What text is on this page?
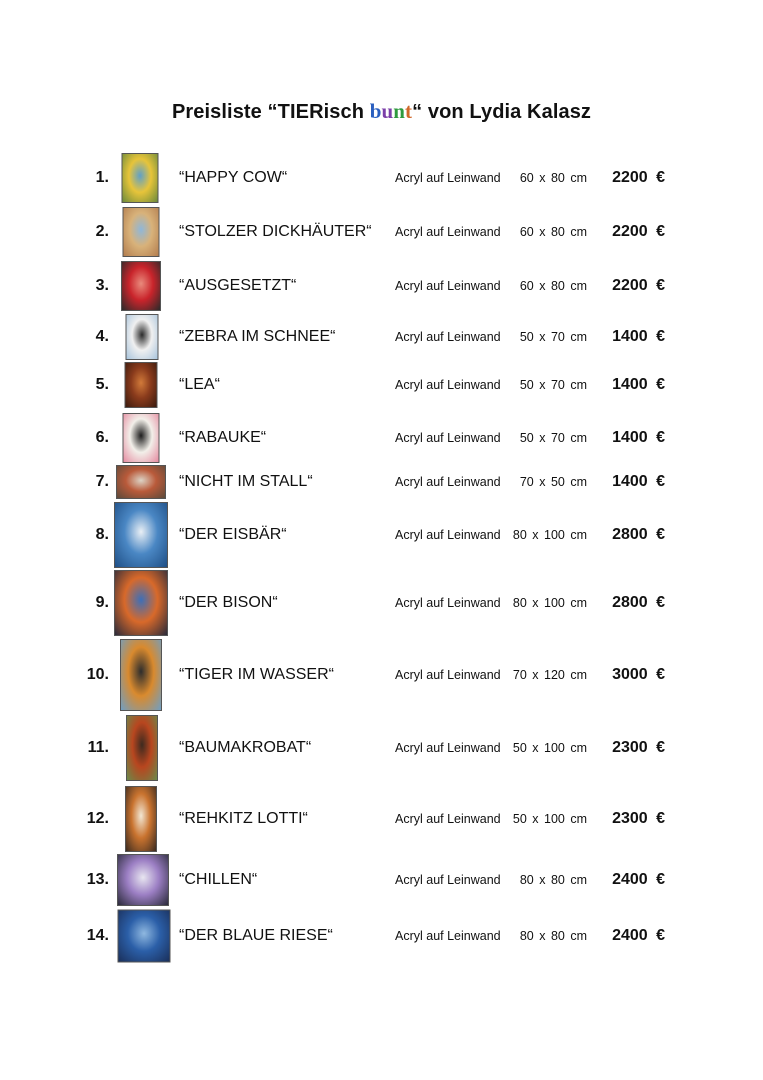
Preisliste “TIERisch bunt“ von Lydia Kalasz
1.	“HAPPY COW“	Acryl auf Leinwand 60 x 80 cm 2200 €
2.	“STOLZER DICKHÄUTER“ Acryl auf Leinwand 60 x 80 cm 2200 €
3.	“AUSGESETZT“	Acryl auf Leinwand 60 x 80 cm 2200 €
4.	“ZEBRA IM SCHNEE“	Acryl auf Leinwand 50 x 70 cm 1400 €
5.	“LEA“	Acryl auf Leinwand 50 x 70 cm 1400 €
6.	“RABAUKE“	Acryl auf Leinwand 50 x 70 cm 1400 €
7.	“NICHT IM STALL“	Acryl auf Leinwand 70 x 50 cm 1400 €
8.	“DER EISBÄR“	Acryl auf Leinwand 80 x 100 cm 2800 €
9.	“DER BISON“	Acryl auf Leinwand 80 x 100 cm 2800 €
10.	“TIGER IM WASSER“	Acryl auf Leinwand 70 x 120 cm 3000 €
11.	“BAUMAKROBAT“	Acryl auf Leinwand 50 x 100 cm 2300 €
12.	“REHKITZ LOTTI“	Acryl auf Leinwand 50 x 100 cm 2300 €
13.	“CHILLEN“	Acryl auf Leinwand 80 x 80 cm 2400 €
14.	“DER BLAUE RIESE“	Acryl auf Leinwand 80 x 80 cm 2400 €
